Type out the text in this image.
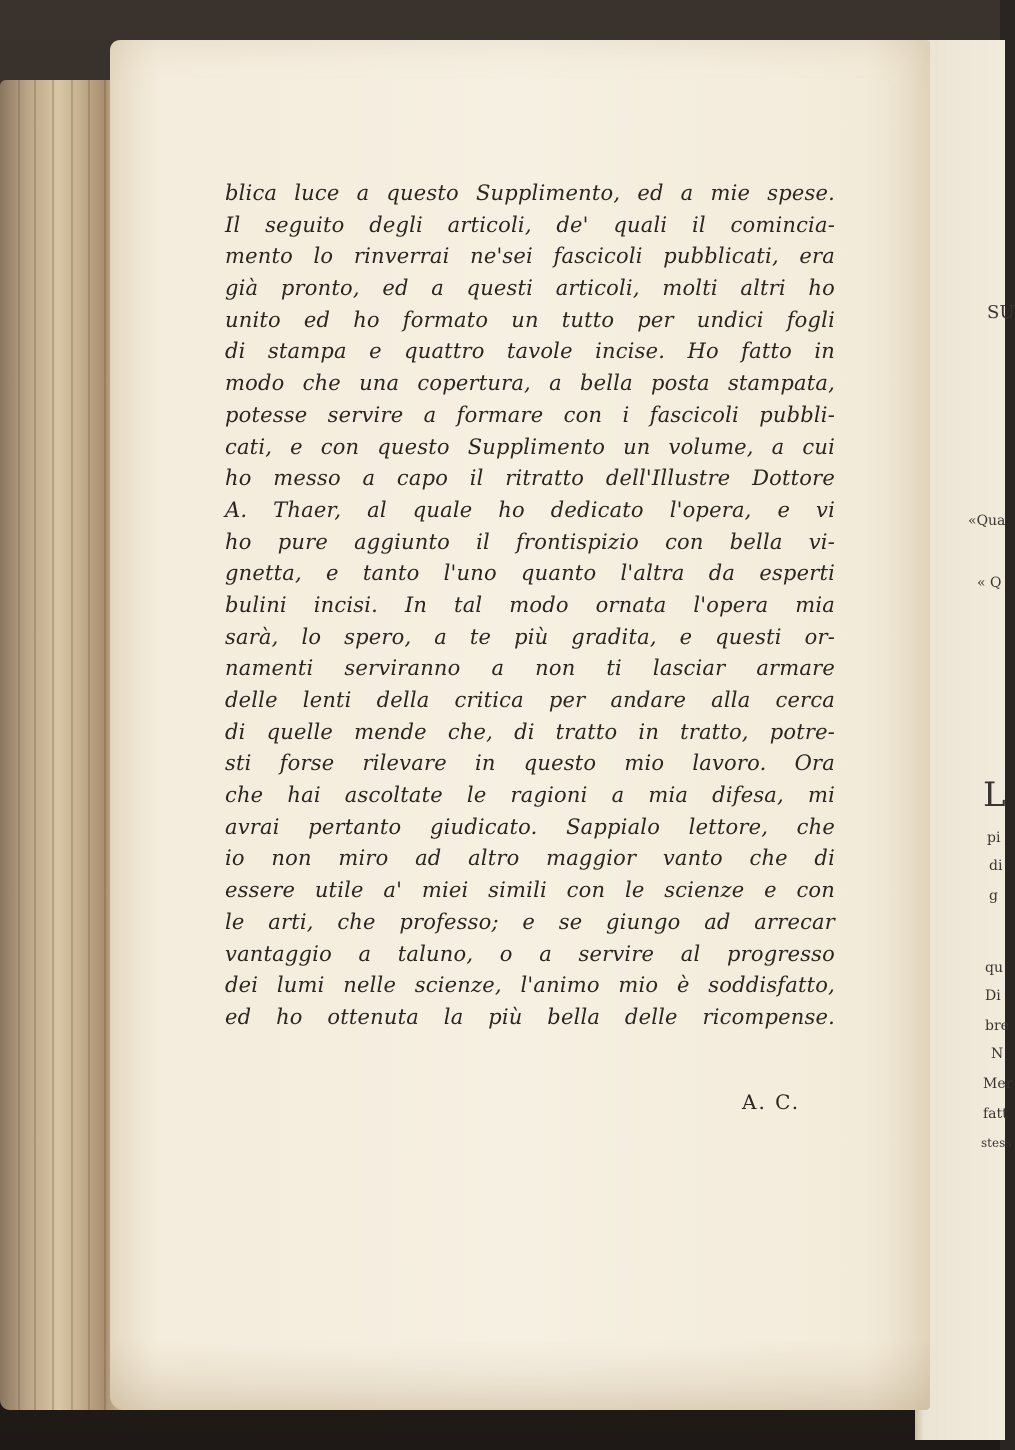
SU
«Qua
« Q
L
pi
di
g
qu
Di
bre
N
Mer
fatt
stess
blica luce a questo Supplimento, ed a mie spese.
Il seguito degli articoli, de' quali il comincia-
mento lo rinverrai ne'sei fascicoli pubblicati, era
già pronto, ed a questi articoli, molti altri ho
unito ed ho formato un tutto per undici fogli
di stampa e quattro tavole incise. Ho fatto in
modo che una copertura, a bella posta stampata,
potesse servire a formare con i fascicoli pubbli-
cati, e con questo Supplimento un volume, a cui
ho messo a capo il ritratto dell'Illustre Dottore
A. Thaer, al quale ho dedicato l'opera, e vi
ho pure aggiunto il frontispizio con bella vi-
gnetta, e tanto l'uno quanto l'altra da esperti
bulini incisi. In tal modo ornata l'opera mia
sarà, lo spero, a te più gradita, e questi or-
namenti serviranno a non ti lasciar armare
delle lenti della critica per andare alla cerca
di quelle mende che, di tratto in tratto, potre-
sti forse rilevare in questo mio lavoro. Ora
che hai ascoltate le ragioni a mia difesa, mi
avrai pertanto giudicato. Sappialo lettore, che
io non miro ad altro maggior vanto che di
essere utile a' miei simili con le scienze e con
le arti, che professo; e se giungo ad arrecar
vantaggio a taluno, o a servire al progresso
dei lumi nelle scienze, l'animo mio è soddisfatto,
ed ho ottenuta la più bella delle ricompense.
A. C.
